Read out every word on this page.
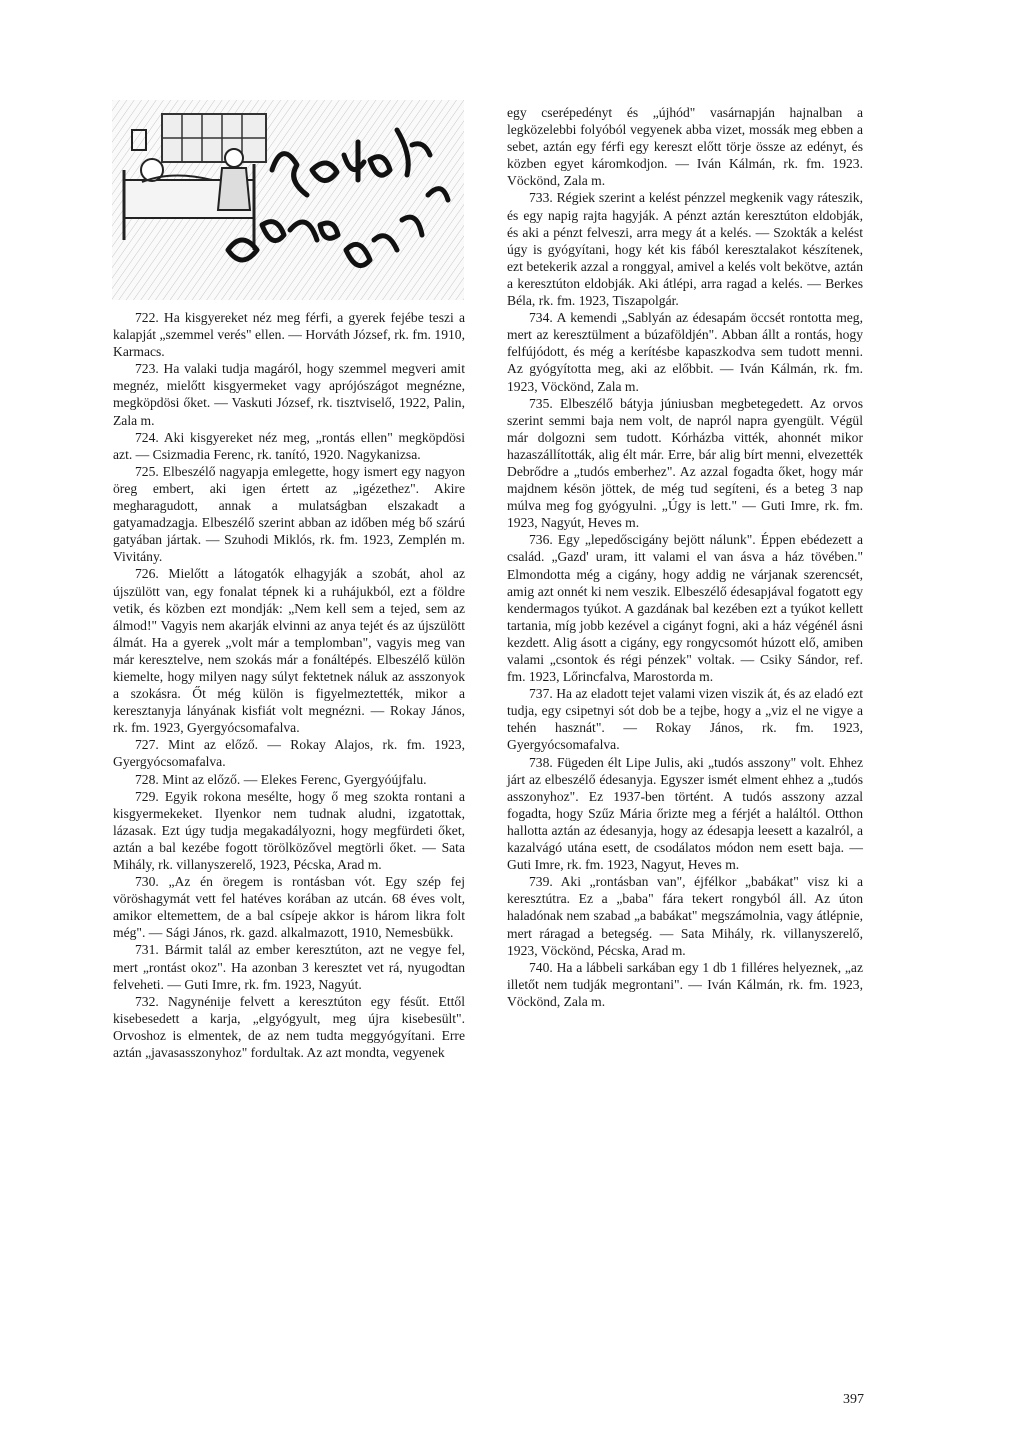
722. Ha kisgyereket néz meg férfi, a gyerek fejébe teszi a kalapját „szemmel verés" ellen. — Horváth József, rk. fm. 1910, Karmacs.

723. Ha valaki tudja magáról, hogy szemmel megveri amit megnéz, mielőtt kisgyermeket vagy aprójószágot megnézne, megköpdösi őket. — Vaskuti József, rk. tisztviselő, 1922, Palin, Zala m.

724. Aki kisgyereket néz meg, „rontás ellen" megköpdösi azt. — Csizmadia Ferenc, rk. tanító, 1920. Nagykanizsa.

725. Elbeszélő nagyapja emlegette, hogy ismert egy nagyon öreg embert, aki igen értett az „igézethez". Akire megharagudott, annak a mulatságban elszakadt a gatyamadzagja. Elbeszélő szerint abban az időben még bő szárú gatyában jártak. — Szuhodi Miklós, rk. fm. 1923, Zemplén m. Vivitány.

726. Mielőtt a látogatók elhagyják a szobát, ahol az újszülött van, egy fonalat tépnek ki a ruhájukból, ezt a földre vetik, és közben ezt mondják: „Nem kell sem a tejed, sem az álmod!" Vagyis nem akarják elvinni az anya tejét és az újszülött álmát. Ha a gyerek „volt már a templomban", vagyis meg van már keresztelve, nem szokás már a fonáltépés. Elbeszélő külön kiemelte, hogy milyen nagy súlyt fektetnek náluk az asszonyok a szokásra. Őt még külön is figyelmeztették, mikor a keresztanyja lányának kisfiát volt megnézni. — Rokay János, rk. fm. 1923, Gyergyócsomafalva.

727. Mint az előző. — Rokay Alajos, rk. fm. 1923, Gyergyócsomafalva.

728. Mint az előző. — Elekes Ferenc, Gyergyóújfalu.

729. Egyik rokona mesélte, hogy ő meg szokta rontani a kisgyermekeket. Ilyenkor nem tudnak aludni, izgatottak, lázasak. Ezt úgy tudja megakadályozni, hogy megfürdeti őket, aztán a bal kezébe fogott törölközővel megtörli őket. — Sata Mihály, rk. villanyszerelő, 1923, Pécska, Arad m.

730. „Az én öregem is rontásban vót. Egy szép fej vöröshagymát vett fel hatéves korában az utcán. 68 éves volt, amikor eltemettem, de a bal csípeje akkor is három likra folt még". — Sági János, rk. gazd. alkalmazott, 1910, Nemesbükk.

731. Bármit talál az ember keresztúton, azt ne vegye fel, mert „rontást okoz". Ha azonban 3 keresztet vet rá, nyugodtan felveheti. — Guti Imre, rk. fm. 1923, Nagyút.

732. Nagynénije felvett a keresztúton egy fésűt. Ettől kisebesedett a karja, „elgyógyult, meg újra kisebesült". Orvoshoz is elmentek, de az nem tudta meggyógyítani. Erre aztán „javasasszonyhoz" fordultak. Az azt mondta, vegyenek

egy cserépedényt és „újhód" vasárnapján hajnalban a legközelebbi folyóból vegyenek abba vizet, mossák meg ebben a sebet, aztán egy férfi egy kereszt előtt törje össze az edényt, és közben egyet káromkodjon. — Iván Kálmán, rk. fm. 1923. Vöckönd, Zala m.

733. Régiek szerint a kelést pénzzel megkenik vagy ráteszik, és egy napig rajta hagyják. A pénzt aztán keresztúton eldobják, és aki a pénzt felveszi, arra megy át a kelés. — Szokták a kelést úgy is gyógyítani, hogy két kis fából keresztalakot készítenek, ezt betekerik azzal a ronggyal, amivel a kelés volt bekötve, aztán a keresztúton eldobják. Aki átlépi, arra ragad a kelés. — Berkes Béla, rk. fm. 1923, Tiszapolgár.

734. A kemendi „Sablyán az édesapám öccsét rontotta meg, mert az keresztülment a búzaföldjén". Abban állt a rontás, hogy felfújódott, és még a kerítésbe kapaszkodva sem tudott menni. Az gyógyította meg, aki az előbbit. — Iván Kálmán, rk. fm. 1923, Vöckönd, Zala m.

735. Elbeszélő bátyja júniusban megbetegedett. Az orvos szerint semmi baja nem volt, de napról napra gyengült. Végül már dolgozni sem tudott. Kórházba vitték, ahonnét mikor hazaszállították, alig élt már. Erre, bár alig bírt menni, elvezették Debrődre a „tudós emberhez". Az azzal fogadta őket, hogy már majdnem késön jöttek, de még tud segíteni, és a beteg 3 nap múlva meg fog gyógyulni. „Úgy is lett." — Guti Imre, rk. fm. 1923, Nagyút, Heves m.

736. Egy „lepedőscigány bejött nálunk". Éppen ebédezett a család. „Gazd' uram, itt valami el van ásva a ház tövében." Elmondotta még a cigány, hogy addig ne várjanak szerencsét, amig azt onnét ki nem veszik. Elbeszélő édesapjával fogatott egy kendermagos tyúkot. A gazdának bal kezében ezt a tyúkot kellett tartania, míg jobb kezével a cigányt fogni, aki a ház végénél ásni kezdett. Alig ásott a cigány, egy rongycsomót húzott elő, amiben valami „csontok és régi pénzek" voltak. — Csiky Sándor, ref. fm. 1923, Lőrincfalva, Marostorda m.

737. Ha az eladott tejet valami vizen viszik át, és az eladó ezt tudja, egy csipetnyi sót dob be a tejbe, hogy a „viz el ne vigye a tehén hasznát". — Rokay János, rk. fm. 1923, Gyergyócsomafalva.

738. Fügeden élt Lipe Julis, aki „tudós asszony" volt. Ehhez járt az elbeszélő édesanyja. Egyszer ismét elment ehhez a „tudós asszonyhoz". Ez 1937-ben történt. A tudós asszony azzal fogadta, hogy Szűz Mária őrizte meg a férjét a haláltól. Otthon hallotta aztán az édesanyja, hogy az édesapja leesett a kazalról, a kazalvágó utána esett, de csodálatos módon nem esett baja. — Guti Imre, rk. fm. 1923, Nagyut, Heves m.

739. Aki „rontásban van", éjfélkor „babákat" visz ki a keresztútra. Ez a „baba" fára tekert rongyból áll. Az úton haladónak nem szabad „a babákat" megszámolnia, vagy átlépnie, mert ráragad a betegség. — Sata Mihály, rk. villanyszerelő, 1923, Vöckönd, Pécska, Arad m.

740. Ha a lábbeli sarkában egy 1 db 1 filléres helyeznek, „az illetőt nem tudják megrontani". — Iván Kálmán, rk. fm. 1923, Vöckönd, Zala m.

397
